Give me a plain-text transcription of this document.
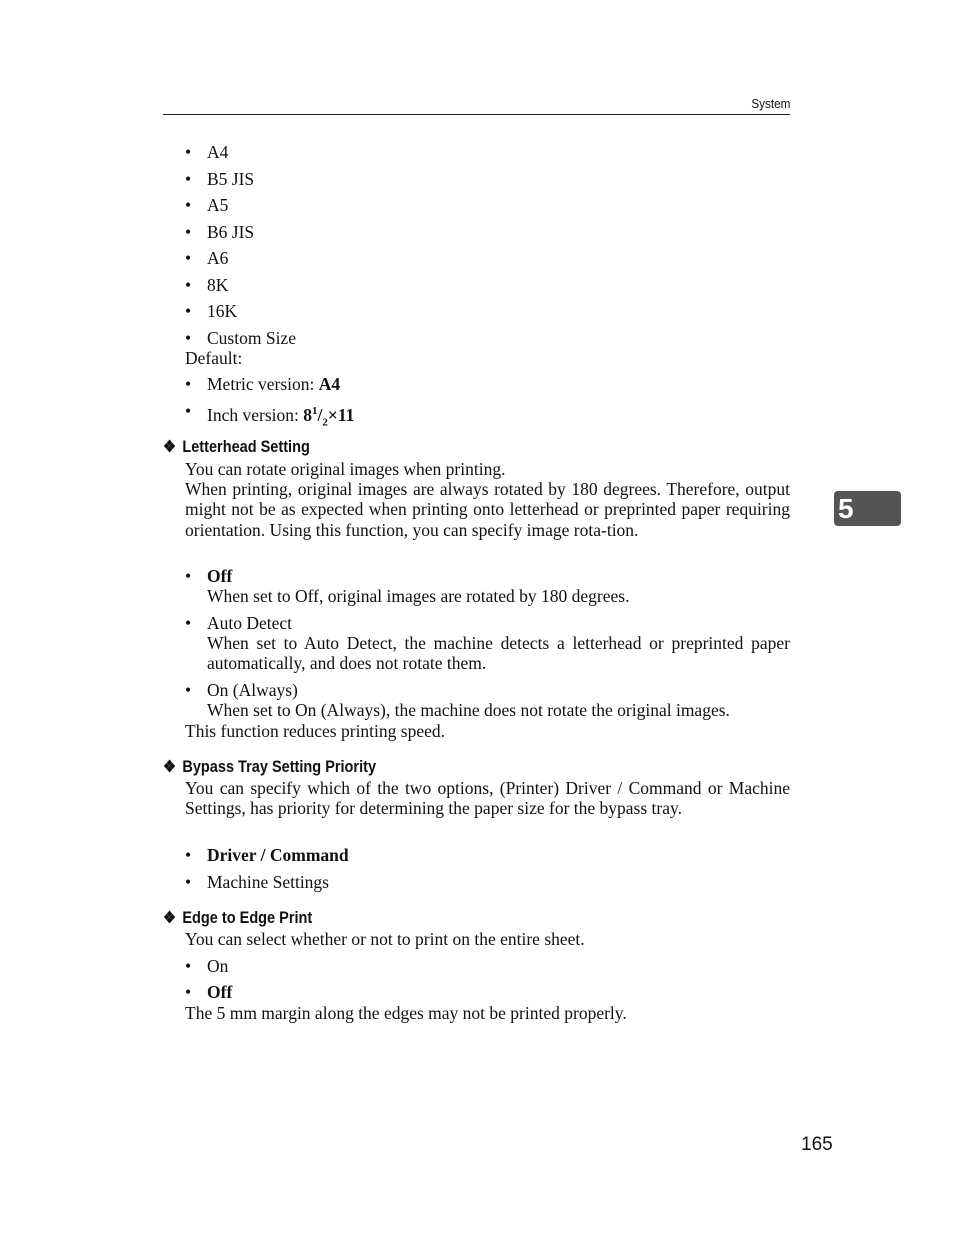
System
• A4
• B5 JIS
• A5
• B6 JIS
• A6
• 8K
• 16K
• Custom Size
Default:
• Metric version: A4
• Inch version: $8^1/_2\times 11$
❖ Letterhead Setting
You can rotate original images when printing.
When printing, original images are always rotated by 180 degrees. Therefore, output might not be as expected when printing onto letterhead or preprinted paper requiring orientation. Using this function, you can specify image rota-tion.
• Off
When set to Off, original images are rotated by 180 degrees.
• Auto Detect
When set to Auto Detect, the machine detects a letterhead or preprinted paper automatically, and does not rotate them.
• On (Always)
When set to On (Always), the machine does not rotate the original images.
This function reduces printing speed.
❖ Bypass Tray Setting Priority
You can specify which of the two options, (Printer) Driver / Command or Machine Settings, has priority for determining the paper size for the bypass tray.
• Driver / Command
• Machine Settings
❖ Edge to Edge Print
You can select whether or not to print on the entire sheet.
• On
• Off
The 5 mm margin along the edges may not be printed properly.
5
165
